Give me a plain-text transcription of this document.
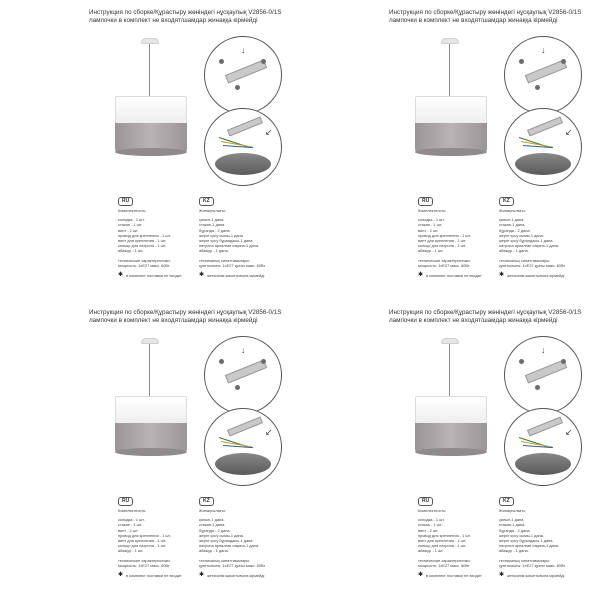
Инструкция по сборке/Құрастыру жөніндегі нұсқаулық V2856-0/1S
лампочки в комплект не входят/шамдар жинаққа кірмейді
↓
↙
RU
Комплектность:
колодка - 1 шт.
стакан - 1 шт.
винт - 2 шт.
провод для крепления - 1 шт.
винт для крепления - 1 шт.
кольцо для патрона - 1 шт.
абажур - 1 шт.
технические характеристики:
мощность: 1xE27 макс. 60Вт
✱ в комплект поставки не входит
KZ
Жинақтылығы:
қалып-1 дана.
стакан-1 дана.
бұранда - 2 дана.
жерге қосу сымы-1 дана.
жерге қосу бұрандасы-1 дана.
патрона арналған сақина-1 дана.
абажур - 1 дана.
техникалық сипаттамалары:
қуаттылығы: 1xE27 қуаты макс. 60Вт
✱ жеткізілім жиынтығына кірмейді
Инструкция по сборке/Құрастыру жөніндегі нұсқаулық V2856-0/1S
лампочки в комплект не входят/шамдар жинаққа кірмейді
↓
↙
RU
Комплектность:
колодка - 1 шт.
стакан - 1 шт.
винт - 2 шт.
провод для крепления - 1 шт.
винт для крепления - 1 шт.
кольцо для патрона - 1 шт.
абажур - 1 шт.
технические характеристики:
мощность: 1xE27 макс. 60Вт
✱ в комплект поставки не входит
KZ
Жинақтылығы:
қалып-1 дана.
стакан-1 дана.
бұранда - 2 дана.
жерге қосу сымы-1 дана.
жерге қосу бұрандасы-1 дана.
патрона арналған сақина-1 дана.
абажур - 1 дана.
техникалық сипаттамалары:
қуаттылығы: 1xE27 қуаты макс. 60Вт
✱ жеткізілім жиынтығына кірмейді
Инструкция по сборке/Құрастыру жөніндегі нұсқаулық V2856-0/1S
лампочки в комплект не входят/шамдар жинаққа кірмейді
↓
↙
RU
Комплектность:
колодка - 1 шт.
стакан - 1 шт.
винт - 2 шт.
провод для крепления - 1 шт.
винт для крепления - 1 шт.
кольцо для патрона - 1 шт.
абажур - 1 шт.
технические характеристики:
мощность: 1xE27 макс. 60Вт
✱ в комплект поставки не входит
KZ
Жинақтылығы:
қалып-1 дана.
стакан-1 дана.
бұранда - 2 дана.
жерге қосу сымы-1 дана.
жерге қосу бұрандасы-1 дана.
патрона арналған сақина-1 дана.
абажур - 1 дана.
техникалық сипаттамалары:
қуаттылығы: 1xE27 қуаты макс. 60Вт
✱ жеткізілім жиынтығына кірмейді
Инструкция по сборке/Құрастыру жөніндегі нұсқаулық V2856-0/1S
лампочки в комплект не входят/шамдар жинаққа кірмейді
↓
↙
RU
Комплектность:
колодка - 1 шт.
стакан - 1 шт.
винт - 2 шт.
провод для крепления - 1 шт.
винт для крепления - 1 шт.
кольцо для патрона - 1 шт.
абажур - 1 шт.
технические характеристики:
мощность: 1xE27 макс. 60Вт
✱ в комплект поставки не входит
KZ
Жинақтылығы:
қалып-1 дана.
стакан-1 дана.
бұранда - 2 дана.
жерге қосу сымы-1 дана.
жерге қосу бұрандасы-1 дана.
патрона арналған сақина-1 дана.
абажур - 1 дана.
техникалық сипаттамалары:
қуаттылығы: 1xE27 қуаты макс. 60Вт
✱ жеткізілім жиынтығына кірмейді
